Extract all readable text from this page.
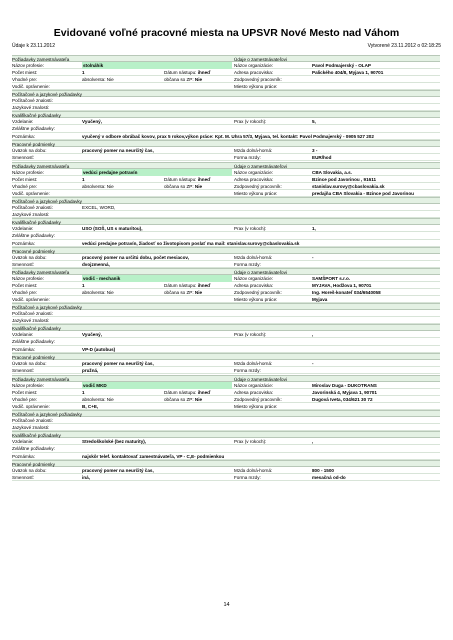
Evidované voľné pracovné miesta na UPSVR Nové Mesto nad Váhom
Údaje k 23.11.2012	Vytvorené 23.11.2012 o 02:18:25
Požiadavky zamestnávateľa	Údaje o zamestnávateľovi
Názov profesie:	stolnáhik	Názov organizácie:	Pavol Podmajerský - OLAP
Počet miest:	1	Dátum nástupu: ihneď	Adresa pracoviska:	Palického 404/8, Myjava 1, 90701
Vhodné pre:	absolventa: Nie	občana so ZP: Nie	Zodpovedný pracovník:
Vodič. oprávnenie:	Miesto výkonu práce:
Počítačové a jazykové požiadavky
Počítačové znalosti:
Jazykové znalosti:
Kvalifikačné požiadavky
Vzdelanie:	Vyučený,	Prax (v rokoch):	5,
Zvláštne požiadavky:
Poznámka:	vyučený v odbore obrábač kovov, prax 5 rokov,výkon práce: Kpt. M. Uhra 57/3, Myjava, tel. kontakt: Pavol Podmajerský - 0905 527 202
Pracovné podmienky
Úväzok na dobu:	pracovný pomer na neurčitý čas,	Mzda dolná-horná:	3 -
Smennosť:	Forma mzdy:	EUR/hod
Požiadavky zamestnávateľa	Údaje o zamestnávateľovi
Názov profesie:	vedúci predajne potravín	Názov organizácie:	CBA Slovakia, a.s.
Počet miest:	1	Dátum nástupu: ihneď	Adresa pracoviska:	Bzince pod Javorinou , 91611
Vhodné pre:	absolventa: Nie	občana so ZP: Nie	Zodpovedný pracovník:	stanislav.surovy@cbaslovakia.sk
Vodič. oprávnenie:	Miesto výkonu práce:	predajňa CBA Slovakia - Bzince pod Javorinou
Počítačové a jazykové požiadavky
Počítačové znalosti:	EXCEL, WORD,
Jazykové znalosti:
Kvalifikačné požiadavky
Vzdelanie:	USO (SOŠ, US s maturitou),	Prax (v rokoch):	1,
Zvláštne požiadavky:
Poznámka:	vedúci predajne potravín, žiadosť so životopisom poslať ma mail: stanislav.surovy@cbaslovakia.sk
Pracovné podmienky
Úväzok na dobu:	pracovný pomer na určitú dobu, počet mesiacov,	Mzda dolná-horná:	-
Smennosť:	dvojzmenná,	Forma mzdy:
Požiadavky zamestnávateľa	Údaje o zamestnávateľovi
Názov profesie:	vodič - mechanik	Názov organizácie:	SAMŠPORT s.r.o.
Počet miest:	1	Dátum nástupu: ihneď	Adresa pracoviska:	MYJAVA, Hodžova 1, 90701
Vhodné pre:	absolventa: Nie	občana so ZP: Nie	Zodpovedný pracovník:	Ing. Horeš-konateľ 034/6540058
Vodič. oprávnenie:	Miesto výkonu práce:	Myjava
Počítačové a jazykové požiadavky
Počítačové znalosti:
Jazykové znalosti:
Kvalifikačné požiadavky
Vzdelanie:	Vyučený,	Prax (v rokoch):	,
Zvláštne požiadavky:
Poznámka:	VP-D (autobus)
Pracovné podmienky
Úväzok na dobu:	pracovný pomer na neurčitý čas,	Mzda dolná-horná:	-
Smennosť:	pružná,	Forma mzdy:
Požiadavky zamestnávateľa	Údaje o zamestnávateľovi
Názov profesie:	vodič MKD	Názov organizácie:	Miroslav Duga - DUKOTRANS
Počet miest:	1	Dátum nástupu: ihneď	Adresa pracoviska:	Javorinská 4, Myjava 1, 90701
Vhodné pre:	absolventa: Nie	občana so ZP: Nie	Zodpovedný pracovník:	Dugová Iveta, 034/621 30 72
Vodič. oprávnenie:	B, C+E,	Miesto výkonu práce:
Počítačové a jazykové požiadavky
Počítačové znalosti:
Jazykové znalosti:
Kvalifikačné požiadavky
Vzdelanie:	Stredoškolské (bez maturity),	Prax (v rokoch):	,
Zvláštne požiadavky:
Poznámka:	najskôr telef. kontaktovať zamestnávateľa, VP - C,E- podmienkou
Pracovné podmienky
Úväzok na dobu:	pracovný pomer na neurčitý čas,	Mzda dolná-horná:	800 - 1500
Smennosť:	iná,	Forma mzdy:	mesačná od-do
14
